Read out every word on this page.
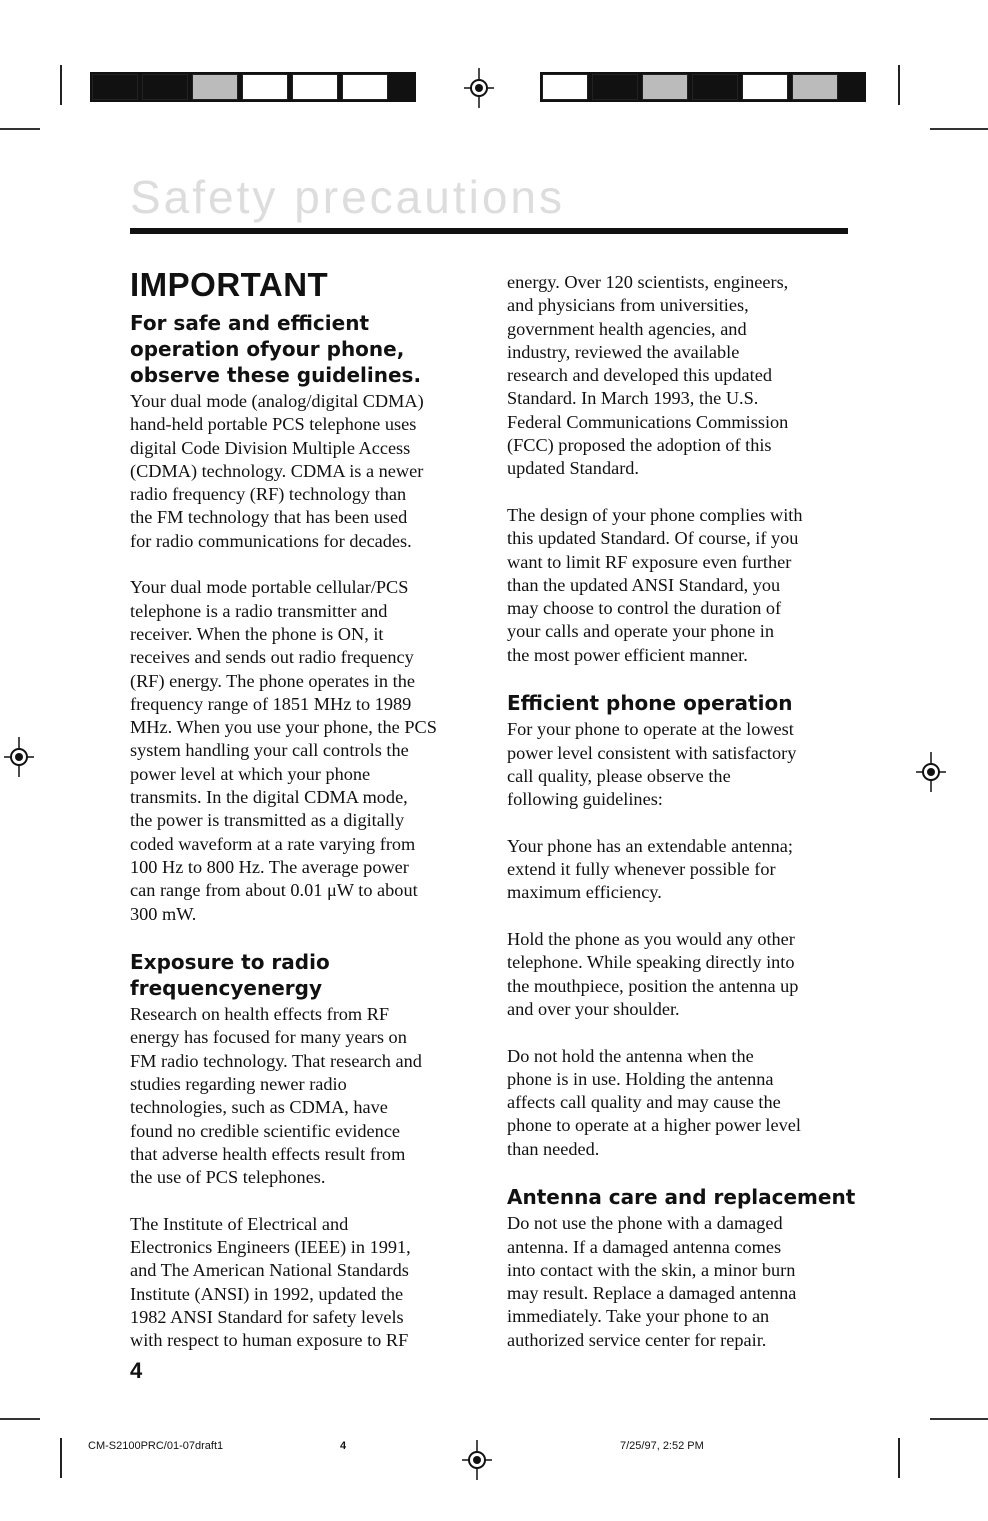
Safety precautions
IMPORTANT
For safe and efficient operation ofyour phone, observe these guidelines.
Your dual mode (analog/digital CDMA)
hand-held portable PCS telephone uses
digital Code Division Multiple Access
(CDMA) technology. CDMA is a newer
radio frequency (RF) technology than
the FM technology that has been used
for radio communications for decades.
Your dual mode portable cellular/PCS
telephone is a radio transmitter and
receiver. When the phone is ON, it
receives and sends out radio frequency
(RF) energy. The phone operates in the
frequency range of 1851 MHz to 1989
MHz. When you use your phone, the PCS
system handling your call controls the
power level at which your phone
transmits. In the digital CDMA mode,
the power is transmitted as a digitally
coded waveform at a rate varying from
100 Hz to 800 Hz. The average power
can range from about 0.01 μW to about
300 mW.
Exposure to radio frequencyenergy
Research on health effects from RF
energy has focused for many years on
FM radio technology. That research and
studies regarding newer radio
technologies, such as CDMA, have
found no credible scientific evidence
that adverse health effects result from
the use of PCS telephones.
The Institute of Electrical and
Electronics Engineers (IEEE) in 1991,
and The American National Standards
Institute (ANSI) in 1992, updated the
1982 ANSI Standard for safety levels
with respect to human exposure to RF
energy. Over 120 scientists, engineers,
and physicians from universities,
government health agencies, and
industry, reviewed the available
research and developed this updated
Standard. In March 1993, the U.S.
Federal Communications Commission
(FCC) proposed the adoption of this
updated Standard.
The design of your phone complies with
this updated Standard. Of course, if you
want to limit RF exposure even further
than the updated ANSI Standard, you
may choose to control the duration of
your calls and operate your phone in
the most power efficient manner.
Efficient phone operation
For your phone to operate at the lowest
power level consistent with satisfactory
call quality, please observe the
following guidelines:
Your phone has an extendable antenna;
extend it fully whenever possible for
maximum efficiency.
Hold the phone as you would any other
telephone. While speaking directly into
the mouthpiece, position the antenna up
and over your shoulder.
Do not hold the antenna when the
phone is in use. Holding the antenna
affects call quality and may cause the
phone to operate at a higher power level
than needed.
Antenna care and replacement
Do not use the phone with a damaged
antenna. If a damaged antenna comes
into contact with the skin, a minor burn
may result. Replace a damaged antenna
immediately. Take your phone to an
authorized service center for repair.
4
CM-S2100PRC/01-07draft1	4	7/25/97, 2:52 PM
